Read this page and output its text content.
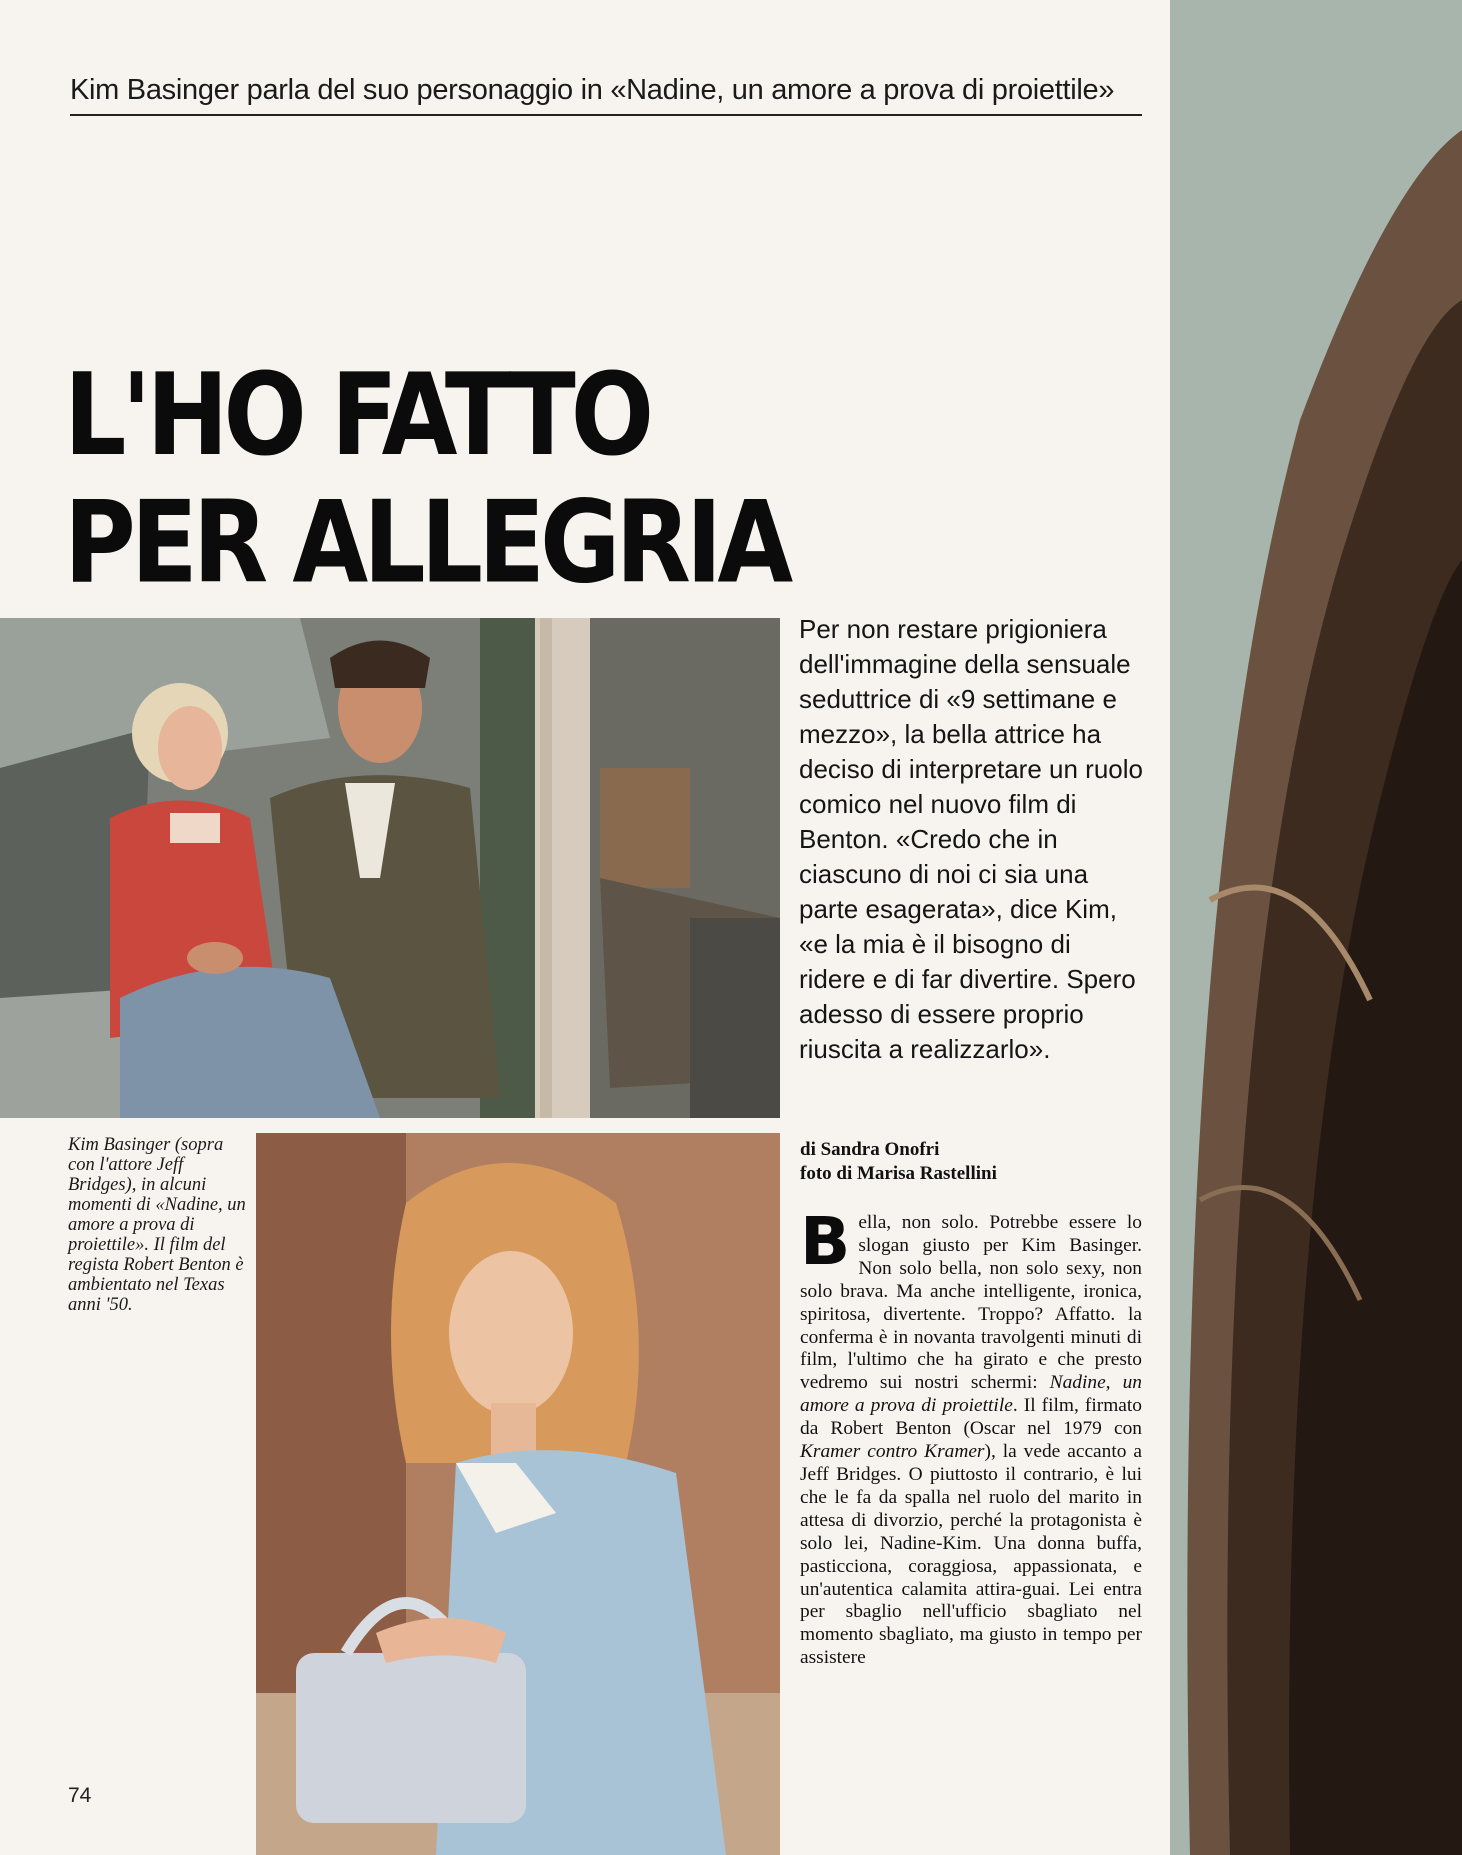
Kim Basinger parla del suo personaggio in «Nadine, un amore a prova di proiettile»
L'HO FATTO
PER ALLEGRIA
Per non restare prigioniera dell'immagine della sensuale seduttrice di «9 settimane e mezzo», la bella attrice ha deciso di interpretare un ruolo comico nel nuovo film di Benton. «Credo che in ciascuno di noi ci sia una parte esagerata», dice Kim, «e la mia è il bisogno di ridere e di far divertire. Spero adesso di essere proprio riuscita a realizzarlo».
di Sandra Onofri
foto di Marisa Rastellini
Kim Basinger (sopra con l'attore Jeff Bridges), in alcuni momenti di «Nadine, un amore a prova di proiettile». Il film del regista Robert Benton è ambientato nel Texas anni '50.
Bella, non solo. Potrebbe essere lo slogan giusto per Kim Basinger. Non solo bella, non solo sexy, non solo brava. Ma anche intelligente, ironica, spiritosa, divertente. Troppo? Affatto. la conferma è in novanta travolgenti minuti di film, l'ultimo che ha girato e che presto vedremo sui nostri schermi: Nadine, un amore a prova di proiettile. Il film, firmato da Robert Benton (Oscar nel 1979 con Kramer contro Kramer), la vede accanto a Jeff Bridges. O piuttosto il contrario, è lui che le fa da spalla nel ruolo del marito in attesa di divorzio, perché la protagonista è solo lei, Nadine-Kim. Una donna buffa, pasticciona, coraggiosa, appassionata, e un'autentica calamita attira-guai. Lei entra per sbaglio nell'ufficio sbagliato nel momento sbagliato, ma giusto in tempo per assistere
74
